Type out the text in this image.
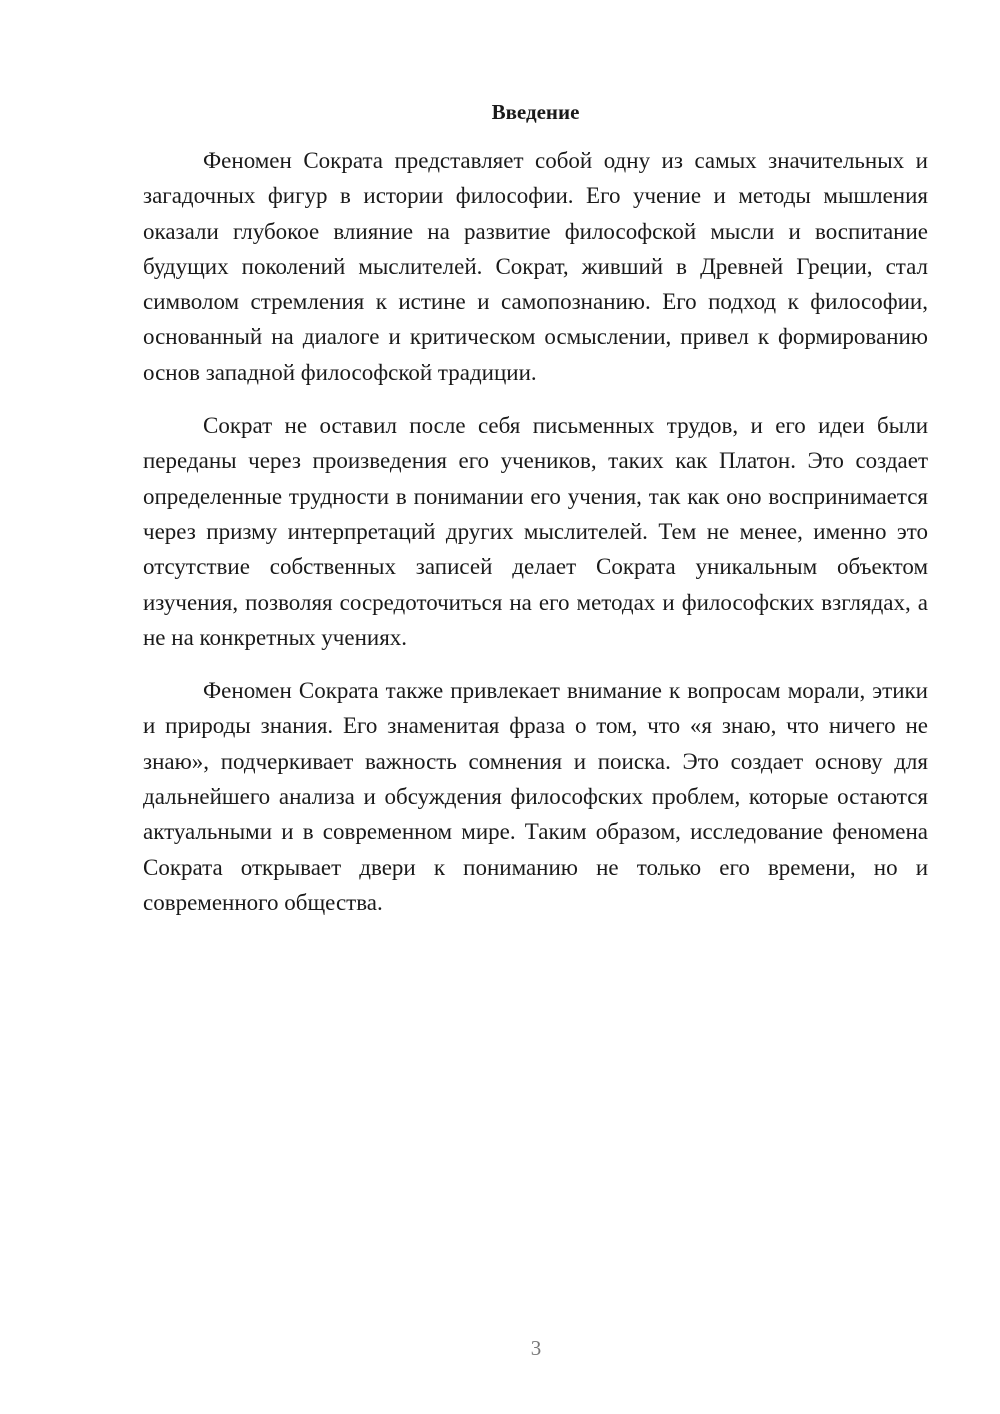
Введение

Феномен Сократа представляет собой одну из самых значительных и загадочных фигур в истории философии. Его учение и методы мышления оказали глубокое влияние на развитие философской мысли и воспитание будущих поколений мыслителей. Сократ, живший в Древней Греции, стал символом стремления к истине и самопознанию. Его подход к философии, основанный на диалоге и критическом осмыслении, привел к формированию основ западной философской традиции.

Сократ не оставил после себя письменных трудов, и его идеи были переданы через произведения его учеников, таких как Платон. Это создает определенные трудности в понимании его учения, так как оно воспринимается через призму интерпретаций других мыслителей. Тем не менее, именно это отсутствие собственных записей делает Сократа уникальным объектом изучения, позволяя сосредоточиться на его методах и философских взглядах, а не на конкретных учениях.

Феномен Сократа также привлекает внимание к вопросам морали, этики и природы знания. Его знаменитая фраза о том, что «я знаю, что ничего не знаю», подчеркивает важность сомнения и поиска. Это создает основу для дальнейшего анализа и обсуждения философских проблем, которые остаются актуальными и в современном мире. Таким образом, исследование феномена Сократа открывает двери к пониманию не только его времени, но и современного общества.

3
